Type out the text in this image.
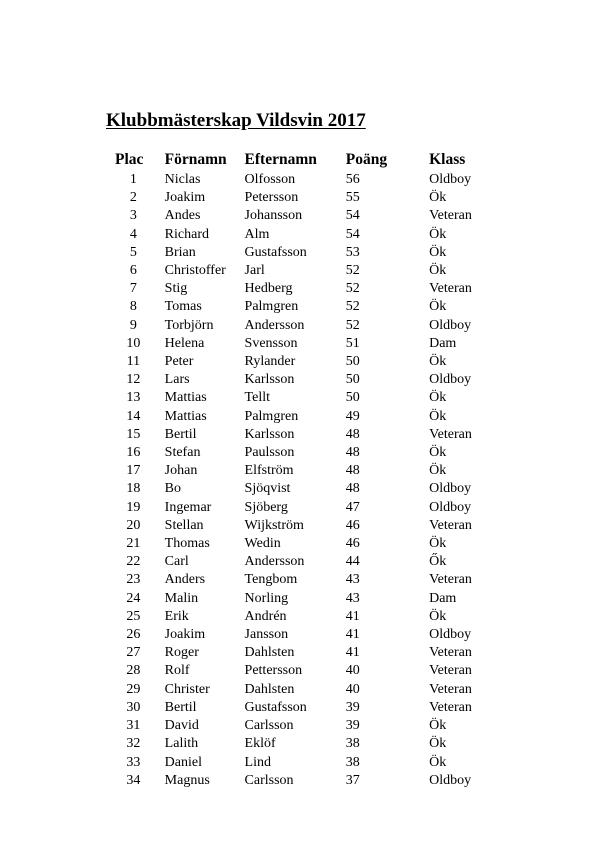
Klubbmästerskap Vildsvin 2017
Plac	Förnamn	Efternamn	Poäng	Klass
1	Niclas	Olfosson	56	Oldboy
2	Joakim	Petersson	55	Ök
3	Andes	Johansson	54	Veteran
4	Richard	Alm	54	Ök
5	Brian	Gustafsson	53	Ök
6	Christoffer	Jarl	52	Ök
7	Stig	Hedberg	52	Veteran
8	Tomas	Palmgren	52	Ök
9	Torbjörn	Andersson	52	Oldboy
10	Helena	Svensson	51	Dam
11	Peter	Rylander	50	Ök
12	Lars	Karlsson	50	Oldboy
13	Mattias	Tellt	50	Ök
14	Mattias	Palmgren	49	Ök
15	Bertil	Karlsson	48	Veteran
16	Stefan	Paulsson	48	Ök
17	Johan	Elfström	48	Ök
18	Bo	Sjöqvist	48	Oldboy
19	Ingemar	Sjöberg	47	Oldboy
20	Stellan	Wijkström	46	Veteran
21	Thomas	Wedin	46	Ök
22	Carl	Andersson	44	Ők
23	Anders	Tengbom	43	Veteran
24	Malin	Norling	43	Dam
25	Erik	Andrén	41	Ök
26	Joakim	Jansson	41	Oldboy
27	Roger	Dahlsten	41	Veteran
28	Rolf	Pettersson	40	Veteran
29	Christer	Dahlsten	40	Veteran
30	Bertil	Gustafsson	39	Veteran
31	David	Carlsson	39	Ök
32	Lalith	Eklöf	38	Ök
33	Daniel	Lind	38	Ök
34	Magnus	Carlsson	37	Oldboy
